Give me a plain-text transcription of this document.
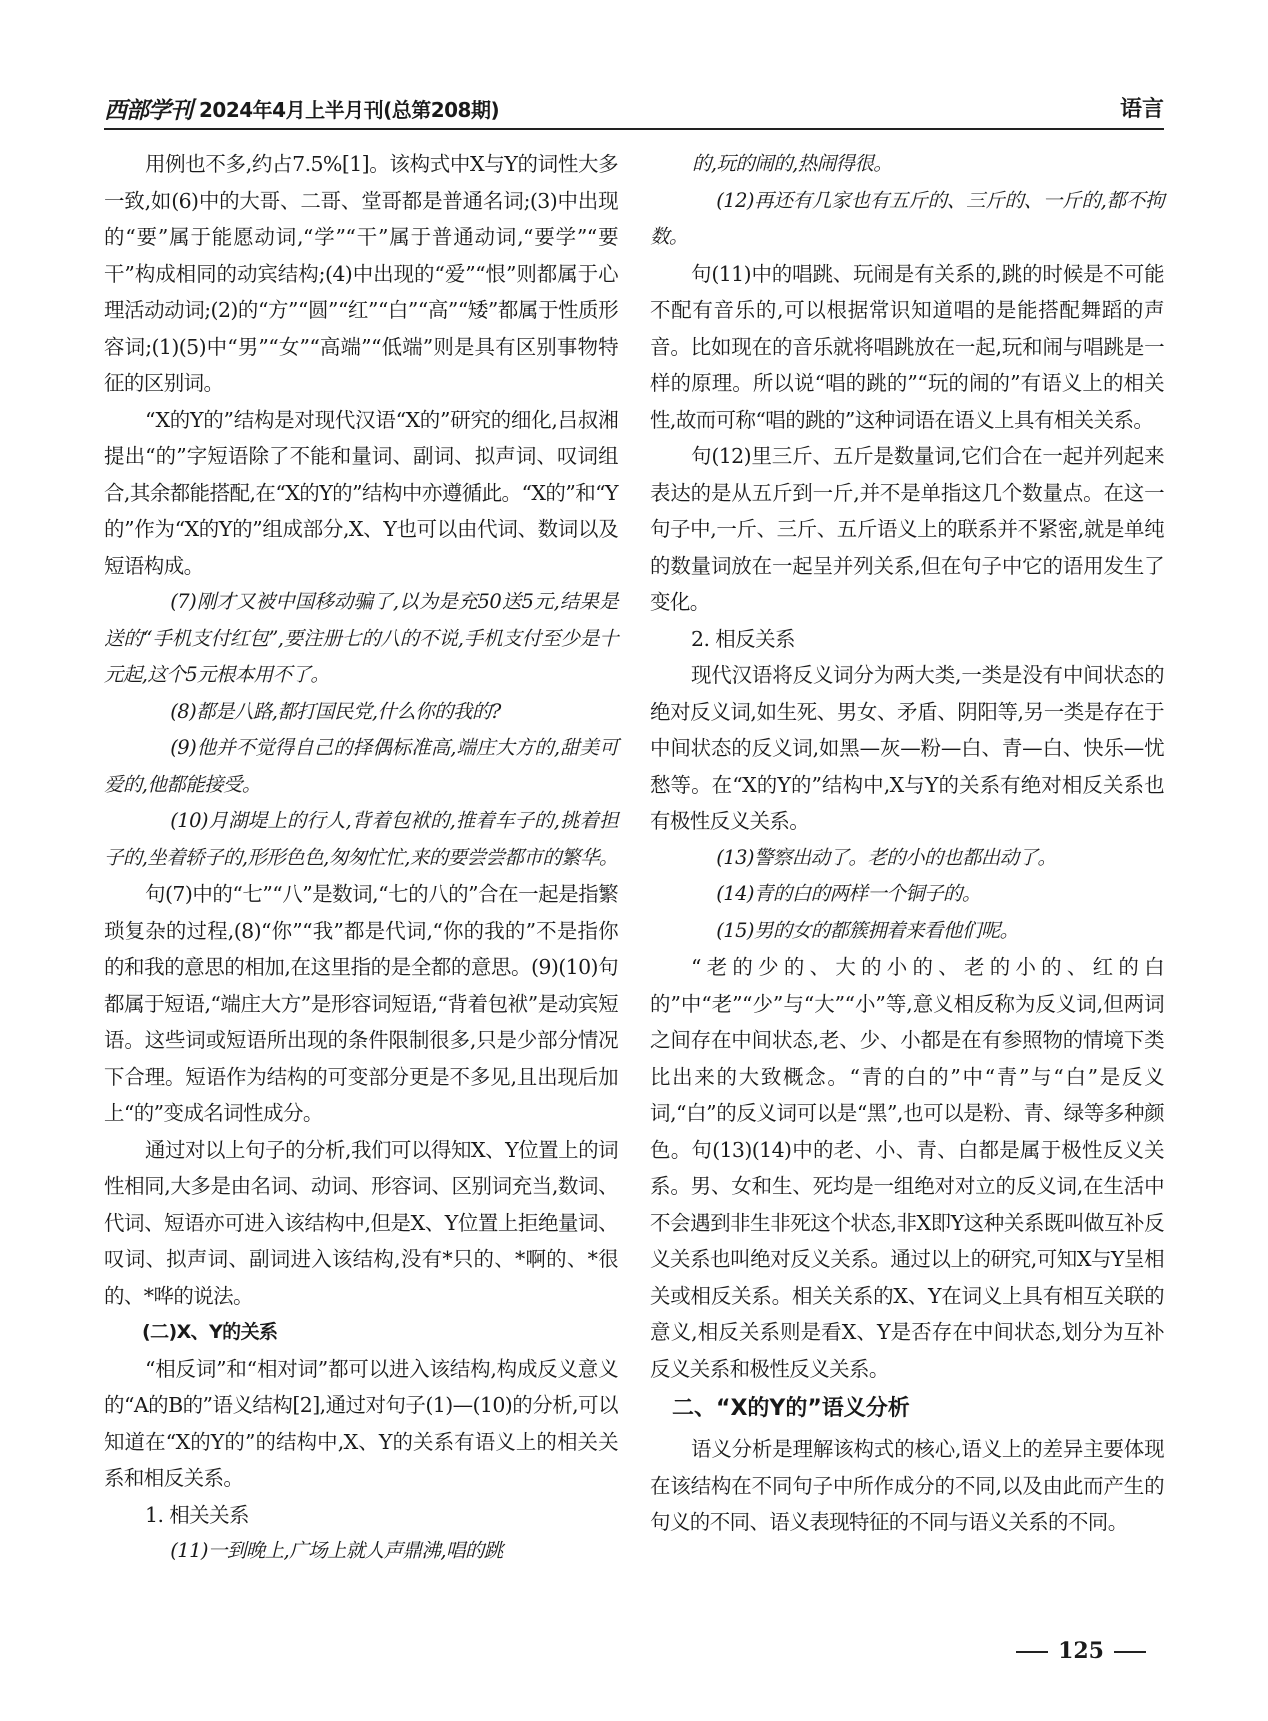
西部学刊 2024年4月上半月刊(总第208期)	语言

用例也不多,约占7.5%[1]。该构式中X与Y的词性大多一致,如(6)中的大哥、二哥、堂哥都是普通名词;(3)中出现的“要”属于能愿动词,“学”“干”属于普通动词,“要学”“要干”构成相同的动宾结构;(4)中出现的“爱”“恨”则都属于心理活动动词;(2)的“方”“圆”“红”“白”“高”“矮”都属于性质形容词;(1)(5)中“男”“女”“高端”“低端”则是具有区别事物特征的区别词。

“X的Y的”结构是对现代汉语“X的”研究的细化,吕叔湘提出“的”字短语除了不能和量词、副词、拟声词、叹词组合,其余都能搭配,在“X的Y的”结构中亦遵循此。“X的”和“Y的”作为“X的Y的”组成部分,X、Y也可以由代词、数词以及短语构成。

(7)刚才又被中国移动骗了,以为是充50送5元,结果是送的“手机支付红包”,要注册七的八的不说,手机支付至少是十元起,这个5元根本用不了。

(8)都是八路,都打国民党,什么你的我的?

(9)他并不觉得自己的择偶标准高,端庄大方的,甜美可爱的,他都能接受。

(10)月湖堤上的行人,背着包袱的,推着车子的,挑着担子的,坐着轿子的,形形色色,匆匆忙忙,来的要尝尝都市的繁华。

句(7)中的“七”“八”是数词,“七的八的”合在一起是指繁琐复杂的过程,(8)“你”“我”都是代词,“你的我的”不是指你的和我的意思的相加,在这里指的是全都的意思。(9)(10)句都属于短语,“端庄大方”是形容词短语,“背着包袱”是动宾短语。这些词或短语所出现的条件限制很多,只是少部分情况下合理。短语作为结构的可变部分更是不多见,且出现后加上“的”变成名词性成分。

通过对以上句子的分析,我们可以得知X、Y位置上的词性相同,大多是由名词、动词、形容词、区别词充当,数词、代词、短语亦可进入该结构中,但是X、Y位置上拒绝量词、叹词、拟声词、副词进入该结构,没有*只的、*啊的、*很的、*哗的说法。

(二)X、Y的关系

“相反词”和“相对词”都可以进入该结构,构成反义意义的“A的B的”语义结构[2],通过对句子(1)—(10)的分析,可以知道在“X的Y的”的结构中,X、Y的关系有语义上的相关关系和相反关系。

1. 相关关系

(11)一到晚上,广场上就人声鼎沸,唱的跳

的,玩的闹的,热闹得很。

(12)再还有几家也有五斤的、三斤的、一斤的,都不拘数。

句(11)中的唱跳、玩闹是有关系的,跳的时候是不可能不配有音乐的,可以根据常识知道唱的是能搭配舞蹈的声音。比如现在的音乐就将唱跳放在一起,玩和闹与唱跳是一样的原理。所以说“唱的跳的”“玩的闹的”有语义上的相关性,故而可称“唱的跳的”这种词语在语义上具有相关关系。

句(12)里三斤、五斤是数量词,它们合在一起并列起来表达的是从五斤到一斤,并不是单指这几个数量点。在这一句子中,一斤、三斤、五斤语义上的联系并不紧密,就是单纯的数量词放在一起呈并列关系,但在句子中它的语用发生了变化。

2. 相反关系

现代汉语将反义词分为两大类,一类是没有中间状态的绝对反义词,如生死、男女、矛盾、阴阳等,另一类是存在于中间状态的反义词,如黑—灰—粉—白、青—白、快乐—忧愁等。在“X的Y的”结构中,X与Y的关系有绝对相反关系也有极性反义关系。

(13)警察出动了。老的小的也都出动了。

(14)青的白的两样一个铜子的。

(15)男的女的都簇拥着来看他们呢。

“老的少的、大的小的、老的小的、红的白的”中“老”“少”与“大”“小”等,意义相反称为反义词,但两词之间存在中间状态,老、少、小都是在有参照物的情境下类比出来的大致概念。“青的白的”中“青”与“白”是反义词,“白”的反义词可以是“黑”,也可以是粉、青、绿等多种颜色。句(13)(14)中的老、小、青、白都是属于极性反义关系。男、女和生、死均是一组绝对对立的反义词,在生活中不会遇到非生非死这个状态,非X即Y这种关系既叫做互补反义关系也叫绝对反义关系。通过以上的研究,可知X与Y呈相关或相反关系。相关关系的X、Y在词义上具有相互关联的意义,相反关系则是看X、Y是否存在中间状态,划分为互补反义关系和极性反义关系。

二、“X的Y的”语义分析

语义分析是理解该构式的核心,语义上的差异主要体现在该结构在不同句子中所作成分的不同,以及由此而产生的句义的不同、语义表现特征的不同与语义关系的不同。

125
